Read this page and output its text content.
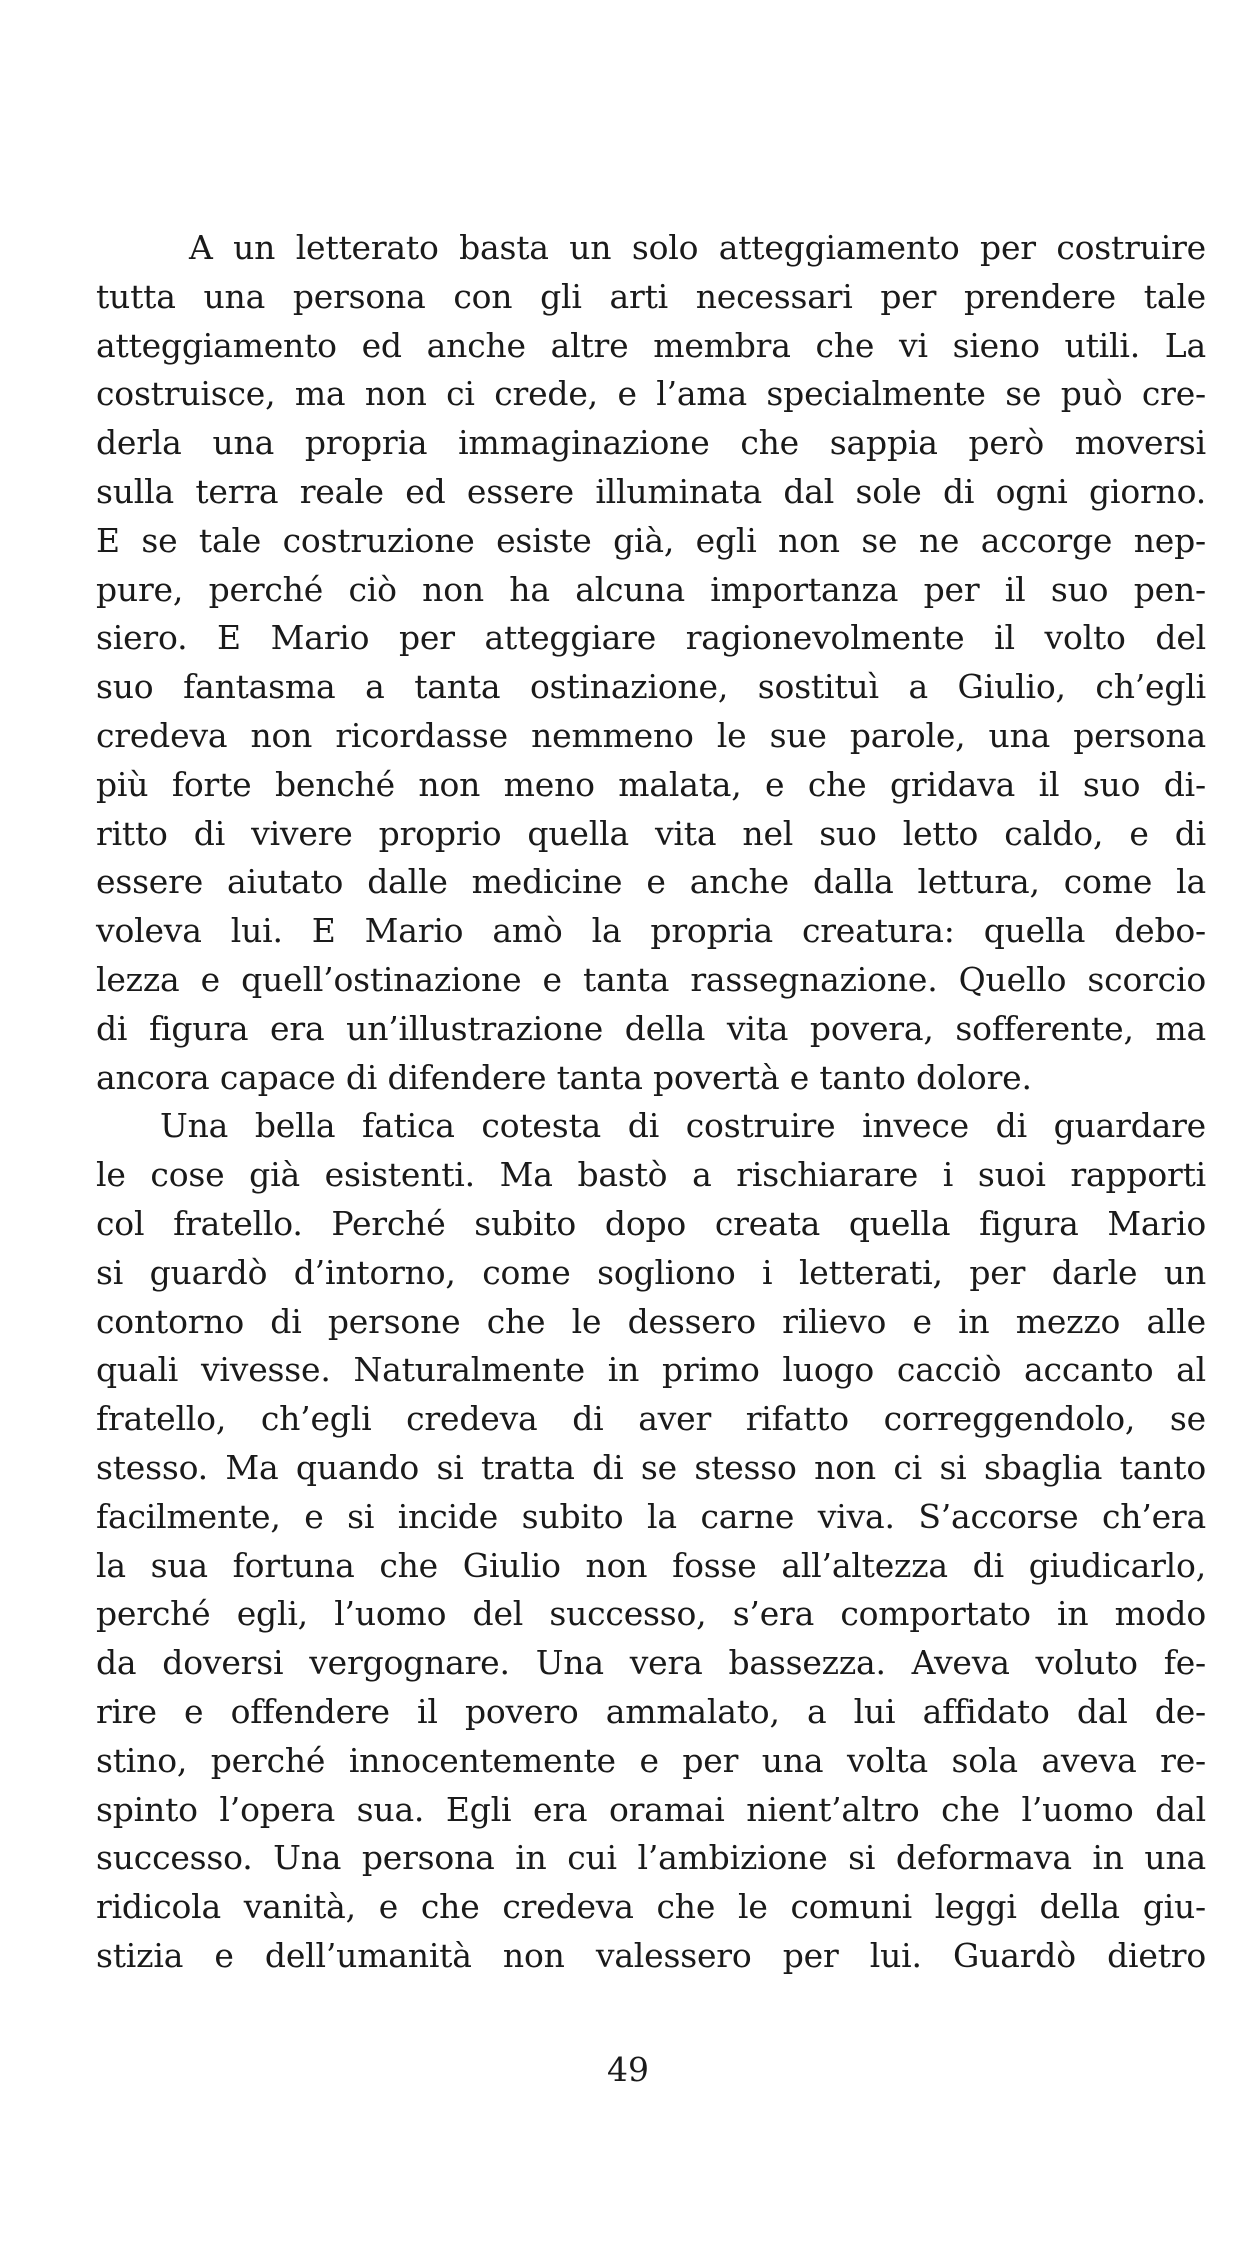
A un letterato basta un solo atteggiamento per costruire
tutta una persona con gli arti necessari per prendere tale
atteggiamento ed anche altre membra che vi sieno utili. La
costruisce, ma non ci crede, e l’ama specialmente se può cre-
derla una propria immaginazione che sappia però moversi
sulla terra reale ed essere illuminata dal sole di ogni giorno.
E se tale costruzione esiste già, egli non se ne accorge nep-
pure, perché ciò non ha alcuna importanza per il suo pen-
siero. E Mario per atteggiare ragionevolmente il volto del
suo fantasma a tanta ostinazione, sostituì a Giulio, ch’egli
credeva non ricordasse nemmeno le sue parole, una persona
più forte benché non meno malata, e che gridava il suo di-
ritto di vivere proprio quella vita nel suo letto caldo, e di
essere aiutato dalle medicine e anche dalla lettura, come la
voleva lui. E Mario amò la propria creatura: quella debo-
lezza e quell’ostinazione e tanta rassegnazione. Quello scorcio
di figura era un’illustrazione della vita povera, sofferente, ma
ancora capace di difendere tanta povertà e tanto dolore.
Una bella fatica cotesta di costruire invece di guardare
le cose già esistenti. Ma bastò a rischiarare i suoi rapporti
col fratello. Perché subito dopo creata quella figura Mario
si guardò d’intorno, come sogliono i letterati, per darle un
contorno di persone che le dessero rilievo e in mezzo alle
quali vivesse. Naturalmente in primo luogo cacciò accanto al
fratello, ch’egli credeva di aver rifatto correggendolo, se
stesso. Ma quando si tratta di se stesso non ci si sbaglia tanto
facilmente, e si incide subito la carne viva. S’accorse ch’era
la sua fortuna che Giulio non fosse all’altezza di giudicarlo,
perché egli, l’uomo del successo, s’era comportato in modo
da doversi vergognare. Una vera bassezza. Aveva voluto fe-
rire e offendere il povero ammalato, a lui affidato dal de-
stino, perché innocentemente e per una volta sola aveva re-
spinto l’opera sua. Egli era oramai nient’altro che l’uomo dal
successo. Una persona in cui l’ambizione si deformava in una
ridicola vanità, e che credeva che le comuni leggi della giu-
stizia e dell’umanità non valessero per lui. Guardò dietro
49
